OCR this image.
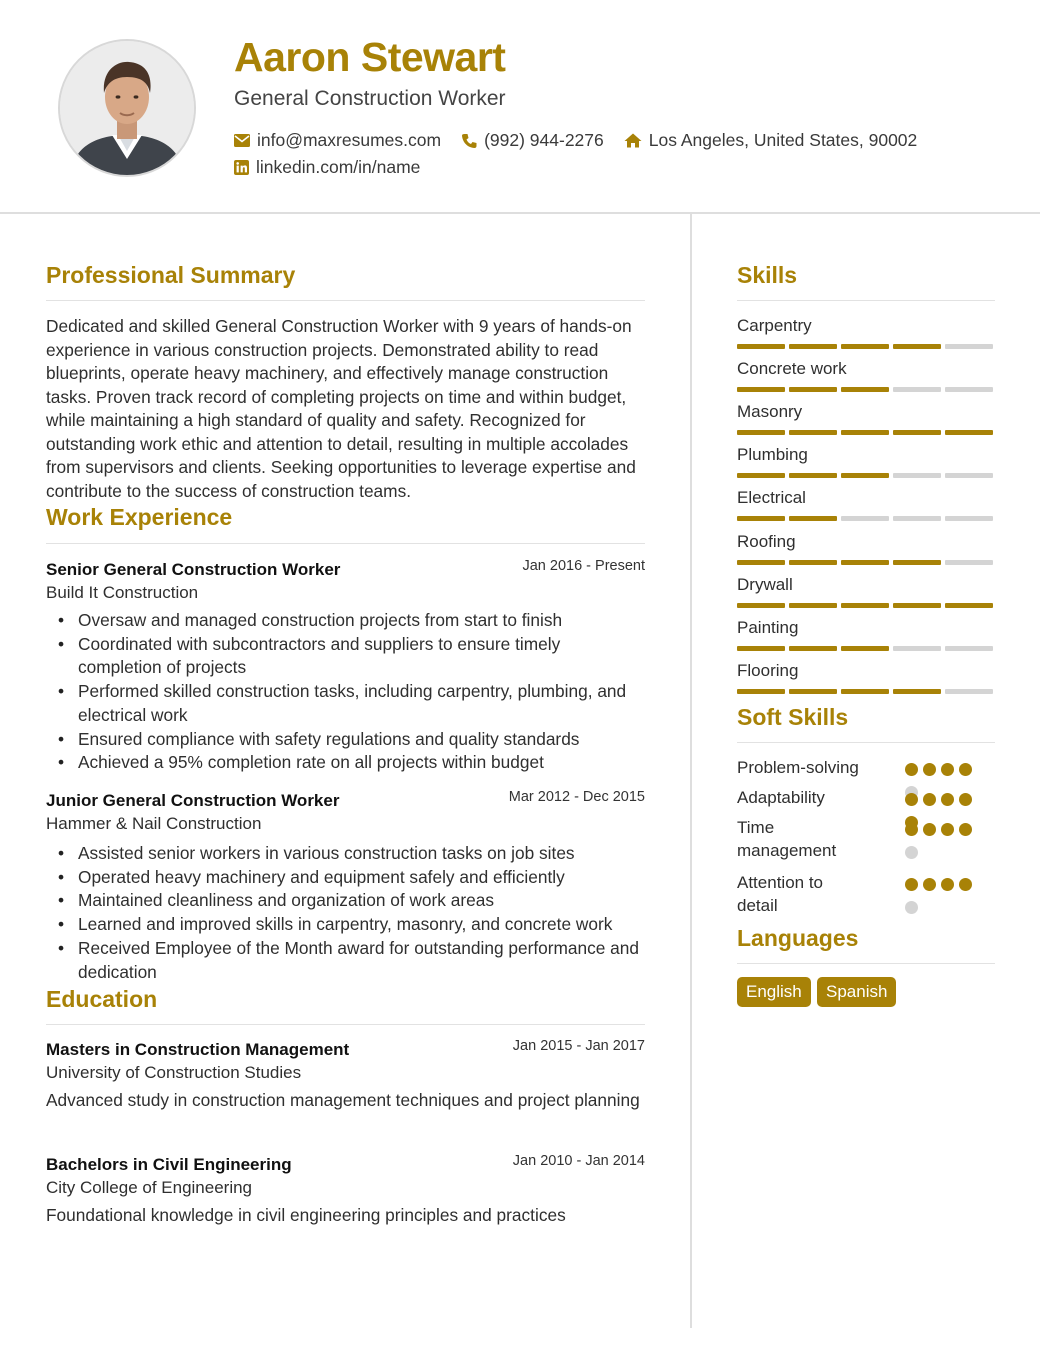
Aaron Stewart
General Construction Worker
info@maxresumes.com (992) 944-2276	Los Angeles, United States, 90002
linkedin.com/in/name
Professional Summary
Dedicated and skilled General Construction Worker with 9 years of hands-on experience in various construction projects. Demonstrated ability to read blueprints, operate heavy machinery, and effectively manage construction tasks. Proven track record of completing projects on time and within budget, while maintaining a high standard of quality and safety. Recognized for outstanding work ethic and attention to detail, resulting in multiple accolades from supervisors and clients. Seeking opportunities to leverage expertise and contribute to the success of construction teams.
Work Experience
Senior General Construction Worker	Jan 2016 - Present
Build It Construction
• Oversaw and managed construction projects from start to finish
• Coordinated with subcontractors and suppliers to ensure timely completion of projects
• Performed skilled construction tasks, including carpentry, plumbing, and electrical work
• Ensured compliance with safety regulations and quality standards
• Achieved a 95% completion rate on all projects within budget
Junior General Construction Worker	Mar 2012 - Dec 2015
Hammer & Nail Construction
• Assisted senior workers in various construction tasks on job sites
• Operated heavy machinery and equipment safely and efficiently
• Maintained cleanliness and organization of work areas
• Learned and improved skills in carpentry, masonry, and concrete work
• Received Employee of the Month award for outstanding performance and dedication
Education
Masters in Construction Management	Jan 2015 - Jan 2017
University of Construction Studies
Advanced study in construction management techniques and project planning
Bachelors in Civil Engineering	Jan 2010 - Jan 2014
City College of Engineering
Foundational knowledge in civil engineering principles and practices
Skills
Carpentry
Concrete work
Masonry
Plumbing
Electrical
Roofing
Drywall
Painting
Flooring
Soft Skills
Problem-solving
Adaptability
Time management
Attention to detail
Languages
English	Spanish
